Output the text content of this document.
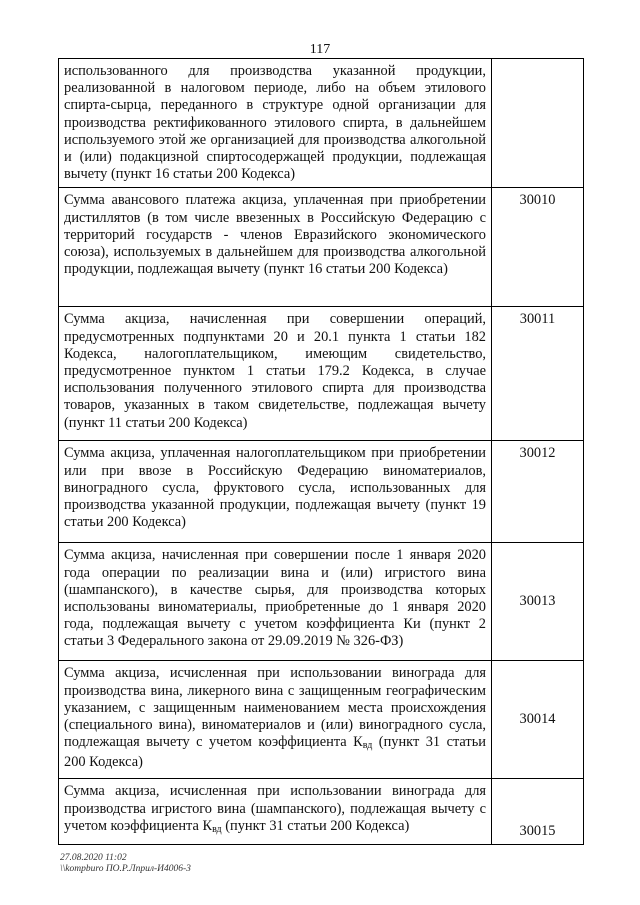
117
использованного для производства указанной продукции, реализованной в налоговом периоде, либо на объем этилового спирта-сырца, переданного в структуре одной организации для производства ректификованного этилового спирта, в дальнейшем используемого этой же организацией для производства алкогольной и (или) подакцизной спиртосодержащей продукции, подлежащая вычету (пункт 16 статьи 200 Кодекса)	
Сумма авансового платежа акциза, уплаченная при приобретении дистиллятов (в том числе ввезенных в Российскую Федерацию с территорий государств - членов Евразийского экономического союза), используемых в дальнейшем для производства алкогольной продукции, подлежащая вычету (пункт 16 статьи 200 Кодекса)	30010
Сумма акциза, начисленная при совершении операций, предусмотренных подпунктами 20 и 20.1 пункта 1 статьи 182 Кодекса, налогоплательщиком, имеющим свидетельство, предусмотренное пунктом 1 статьи 179.2 Кодекса, в случае использования полученного этилового спирта для производства товаров, указанных в таком свидетельстве, подлежащая вычету (пункт 11 статьи 200 Кодекса)	30011
Сумма акциза, уплаченная налогоплательщиком при приобретении или при ввозе в Российскую Федерацию виноматериалов, виноградного сусла, фруктового сусла, использованных для производства указанной продукции, подлежащая вычету (пункт 19 статьи 200 Кодекса)	30012
Сумма акциза, начисленная при совершении после 1 января 2020 года операции по реализации вина и (или) игристого вина (шампанского), в качестве сырья, для производства которых использованы виноматериалы, приобретенные до 1 января 2020 года, подлежащая вычету с учетом коэффициента Ки (пункт 2 статьи 3 Федерального закона от 29.09.2019 № 326-ФЗ)	30013

Сумма акциза, исчисленная при использовании винограда для производства вина, ликерного вина с защищенным географическим указанием, с защищенным наименованием места происхождения (специального вина), виноматериалов и (или) виноградного сусла, подлежащая вычету с учетом коэффициента $К_{вд}$ (пункт 31 статьи 200 Кодекса)	30014

Сумма акциза, исчисленная при использовании винограда для производства игристого вина (шампанского), подлежащая вычету с учетом коэффициента $К_{вд}$ (пункт 31 статьи 200 Кодекса)	30015
27.08.2020 11:02
\\kompburo ПО.Р.Лприл-И4006-3
